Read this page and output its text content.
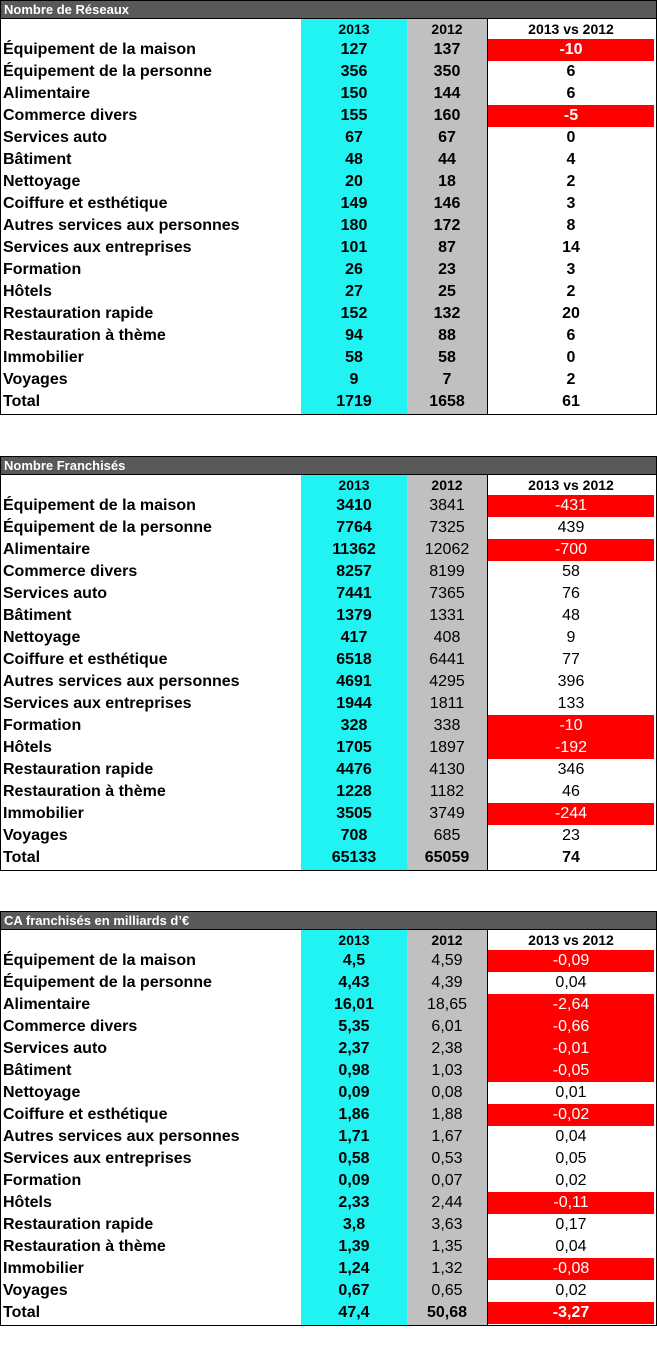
Nombre de Réseaux
2013	2012	2013 vs 2012
Équipement de la maison	127	137	-10
Équipement de la personne	356	350	6
Alimentaire	150	144	6
Commerce divers	155	160	-5
Services auto	67	67	0
Bâtiment	48	44	4
Nettoyage	20	18	2
Coiffure et esthétique	149	146	3
Autres services aux personnes	180	172	8
Services aux entreprises	101	87	14
Formation	26	23	3
Hôtels	27	25	2
Restauration rapide	152	132	20
Restauration à thème	94	88	6
Immobilier	58	58	0
Voyages	9	7	2
Total	1719	1658	61
Nombre Franchisés
2013	2012	2013 vs 2012
Équipement de la maison	3410	3841	-431
Équipement de la personne	7764	7325	439
Alimentaire	11362	12062	-700
Commerce divers	8257	8199	58
Services auto	7441	7365	76
Bâtiment	1379	1331	48
Nettoyage	417	408	9
Coiffure et esthétique	6518	6441	77
Autres services aux personnes	4691	4295	396
Services aux entreprises	1944	1811	133
Formation	328	338	-10
Hôtels	1705	1897	-192
Restauration rapide	4476	4130	346
Restauration à thème	1228	1182	46
Immobilier	3505	3749	-244
Voyages	708	685	23
Total	65133	65059	74
CA franchisés en milliards d’€
2013	2012	2013 vs 2012
Équipement de la maison	4,5	4,59	-0,09
Équipement de la personne	4,43	4,39	0,04
Alimentaire	16,01	18,65	-2,64
Commerce divers	5,35	6,01	-0,66
Services auto	2,37	2,38	-0,01
Bâtiment	0,98	1,03	-0,05
Nettoyage	0,09	0,08	0,01
Coiffure et esthétique	1,86	1,88	-0,02
Autres services aux personnes	1,71	1,67	0,04
Services aux entreprises	0,58	0,53	0,05
Formation	0,09	0,07	0,02
Hôtels	2,33	2,44	-0,11
Restauration rapide	3,8	3,63	0,17
Restauration à thème	1,39	1,35	0,04
Immobilier	1,24	1,32	-0,08
Voyages	0,67	0,65	0,02
Total	47,4	50,68	-3,27
